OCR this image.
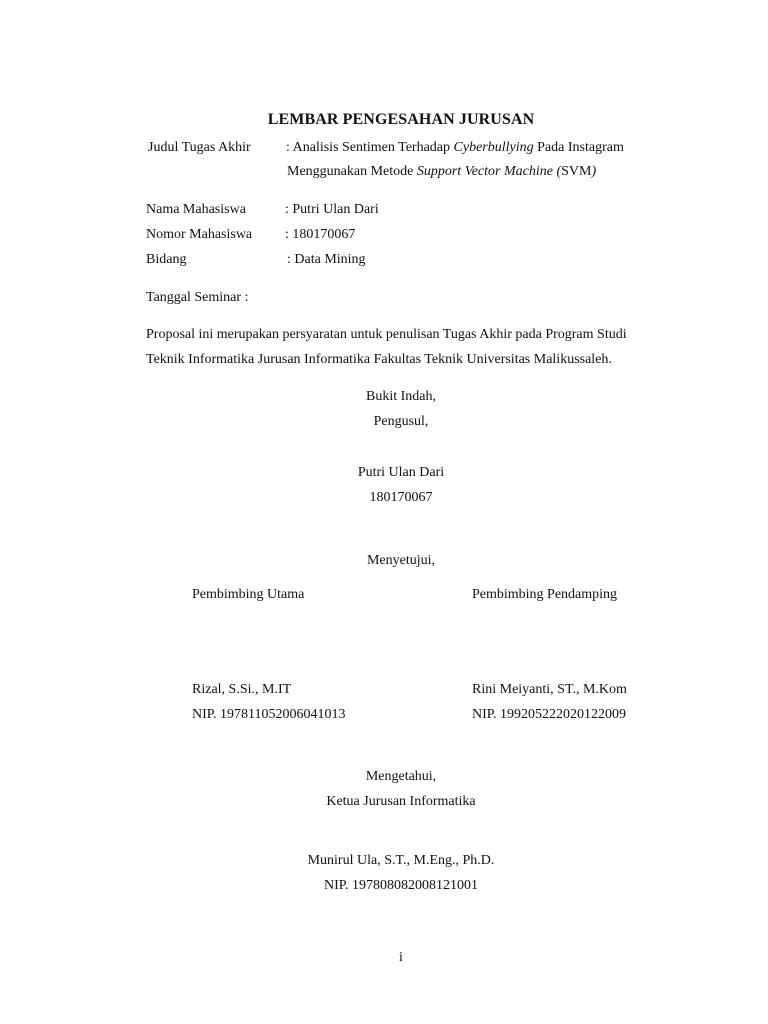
LEMBAR PENGESAHAN JURUSAN
Judul Tugas Akhir	: Analisis Sentimen Terhadap Cyberbullying Pada Instagram
Menggunakan Metode Support Vector Machine (SVM)
Nama Mahasiswa	: Putri Ulan Dari
Nomor Mahasiswa : 180170067
Bidang	: Data Mining
Tanggal Seminar :
Proposal ini merupakan persyaratan untuk penulisan Tugas Akhir pada Program Studi
Teknik Informatika Jurusan Informatika Fakultas Teknik Universitas Malikussaleh.
Bukit Indah,
Pengusul,
Putri Ulan Dari
180170067
Menyetujui,
Pembimbing Utama	Pembimbing Pendamping
Rizal, S.Si., M.IT	Rini Meiyanti, ST., M.Kom
NIP. 197811052006041013	NIP. 199205222020122009
Mengetahui,
Ketua Jurusan Informatika
Munirul Ula, S.T., M.Eng., Ph.D.
NIP. 197808082008121001
i
